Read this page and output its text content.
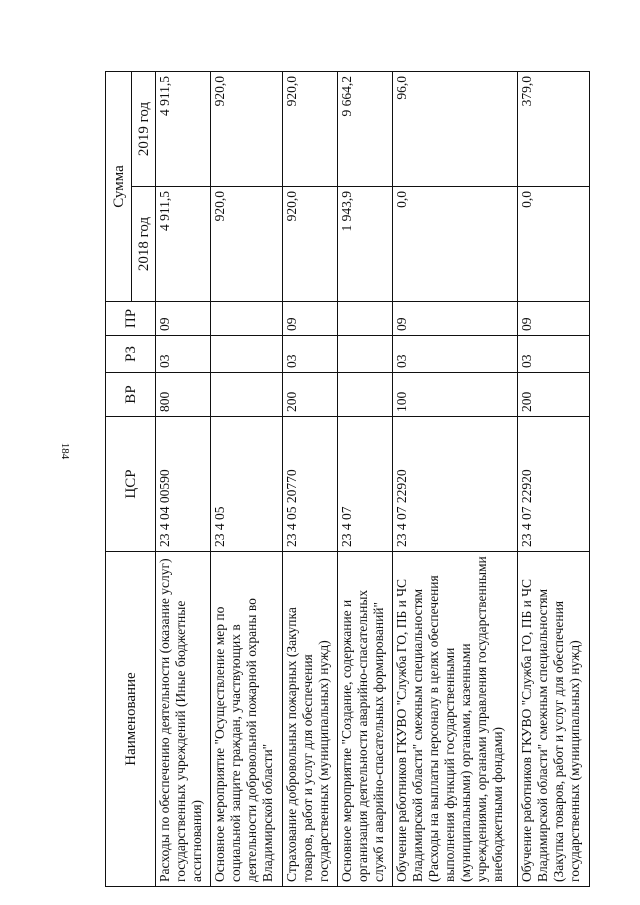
184
Наименование	ЦСР	ВР	РЗ	ПР	Сумма	
					2018 год	2019 год
Расходы по обеспечению деятельности (оказание услуг) государственных учреждений (Иные бюджетные ассигнования)	23 4 04 00590	800	03	09	4 911,5	4 911,5
Основное мероприятие "Осуществление мер по социальной защите граждан, участвующих в деятельности добровольной пожарной охраны во Владимирской области"	23 4 05				920,0	920,0
Страхование добровольных пожарных (Закупка товаров, работ и услуг для обеспечения государственных (муниципальных) нужд)	23 4 05 20770	200	03	09	920,0	920,0
Основное мероприятие "Создание, содержание и организация деятельности аварийно-спасательных служб и аварийно-спасательных формирований"	23 4 07				1 943,9	9 664,2
Обучение работников ГКУВО "Служба ГО, ПБ и ЧС Владимирской области" смежным специальностям (Расходы на выплаты персоналу в целях обеспечения выполнения функций государственными (муниципальными) органами, казенными учреждениями, органами управления государственными внебюджетными фондами)	23 4 07 22920	100	03	09	0,0	96,0
Обучение работников ГКУВО "Служба ГО, ПБ и ЧС Владимирской области" смежным специальностям (Закупка товаров, работ и услуг для обеспечения государственных (муниципальных) нужд)	23 4 07 22920	200	03	09	0,0	379,0
